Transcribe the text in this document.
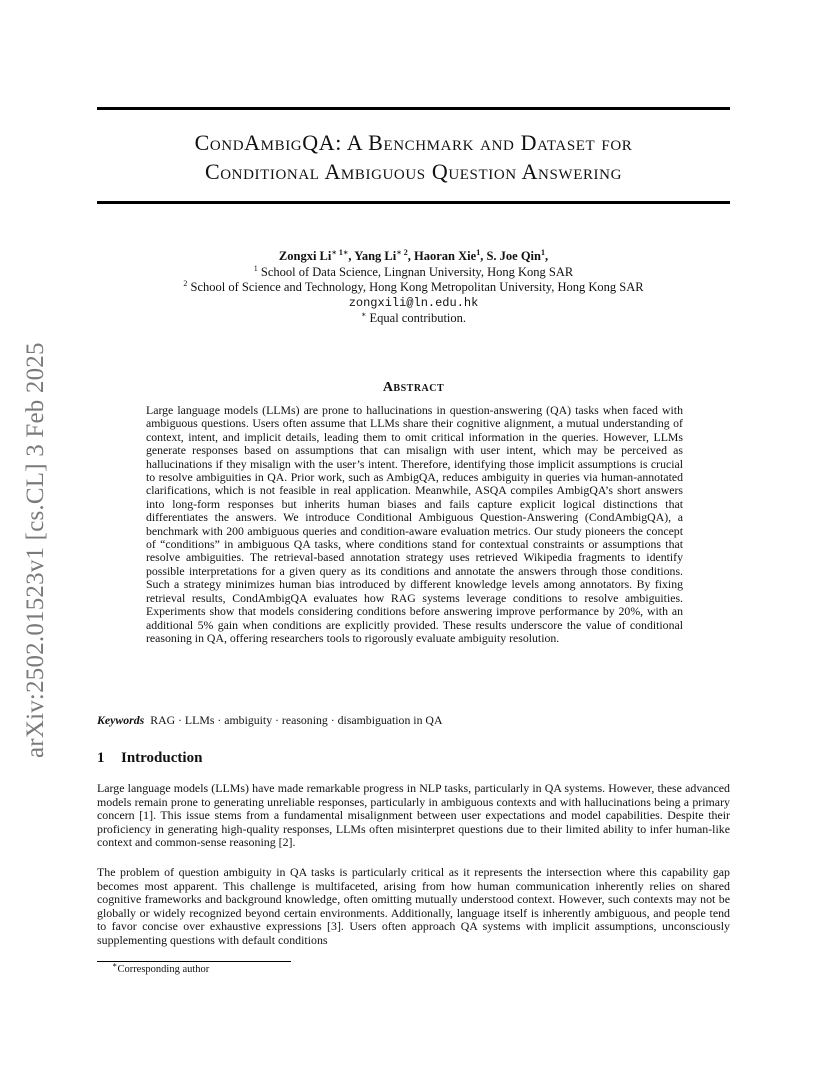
arXiv:2502.01523v1 [cs.CL] 3 Feb 2025
CondAmbigQA: A Benchmark and Dataset for
Conditional Ambiguous Question Answering
Zongxi $Li^{∗ 1∗}$, Yang $Li^{∗ 2}$, Haoran Xie$^1$, S. Joe Qin$^1$,
$^1$ School of Data Science, Lingnan University, Hong Kong SAR
$^2$ School of Science and Technology, Hong Kong Metropolitan University, Hong Kong SAR
zongxili@ln.edu.hk
∗ Equal contribution.
Abstract
Large language models (LLMs) are prone to hallucinations in question-answering (QA) tasks when faced with ambiguous questions. Users often assume that LLMs share their cognitive alignment, a mutual understanding of context, intent, and implicit details, leading them to omit critical information in the queries. However, LLMs generate responses based on assumptions that can misalign with user intent, which may be perceived as hallucinations if they misalign with the user’s intent. Therefore, identifying those implicit assumptions is crucial to resolve ambiguities in QA. Prior work, such as AmbigQA, reduces ambiguity in queries via human-annotated clarifications, which is not feasible in real application. Meanwhile, ASQA compiles AmbigQA’s short answers into long-form responses but inherits human biases and fails capture explicit logical distinctions that differentiates the answers. We introduce Conditional Ambiguous Question-Answering (CondAmbigQA), a benchmark with 200 ambiguous queries and condition-aware evaluation metrics. Our study pioneers the concept of “conditions” in ambiguous QA tasks, where conditions stand for contextual constraints or assumptions that resolve ambiguities. The retrieval-based annotation strategy uses retrieved Wikipedia fragments to identify possible interpretations for a given query as its conditions and annotate the answers through those conditions. Such a strategy minimizes human bias introduced by different knowledge levels among annotators. By fixing retrieval results, CondAmbigQA evaluates how RAG systems leverage conditions to resolve ambiguities. Experiments show that models considering conditions before answering improve performance by 20%, with an additional 5% gain when conditions are explicitly provided. These results underscore the value of conditional reasoning in QA, offering researchers tools to rigorously evaluate ambiguity resolution.
Keywords RAG · LLMs · ambiguity · reasoning · disambiguation in QA
1 Introduction
Large language models (LLMs) have made remarkable progress in NLP tasks, particularly in QA systems. However, these advanced models remain prone to generating unreliable responses, particularly in ambiguous contexts and with hallucinations being a primary concern [1]. This issue stems from a fundamental misalignment between user expectations and model capabilities. Despite their proficiency in generating high-quality responses, LLMs often misinterpret questions due to their limited ability to infer human-like context and common-sense reasoning [2].
The problem of question ambiguity in QA tasks is particularly critical as it represents the intersection where this capability gap becomes most apparent. This challenge is multifaceted, arising from how human communication inherently relies on shared cognitive frameworks and background knowledge, often omitting mutually understood context. However, such contexts may not be globally or widely recognized beyond certain environments. Additionally, language itself is inherently ambiguous, and people tend to favor concise over exhaustive expressions [3]. Users often approach QA systems with implicit assumptions, unconsciously supplementing questions with default conditions
∗Corresponding author
